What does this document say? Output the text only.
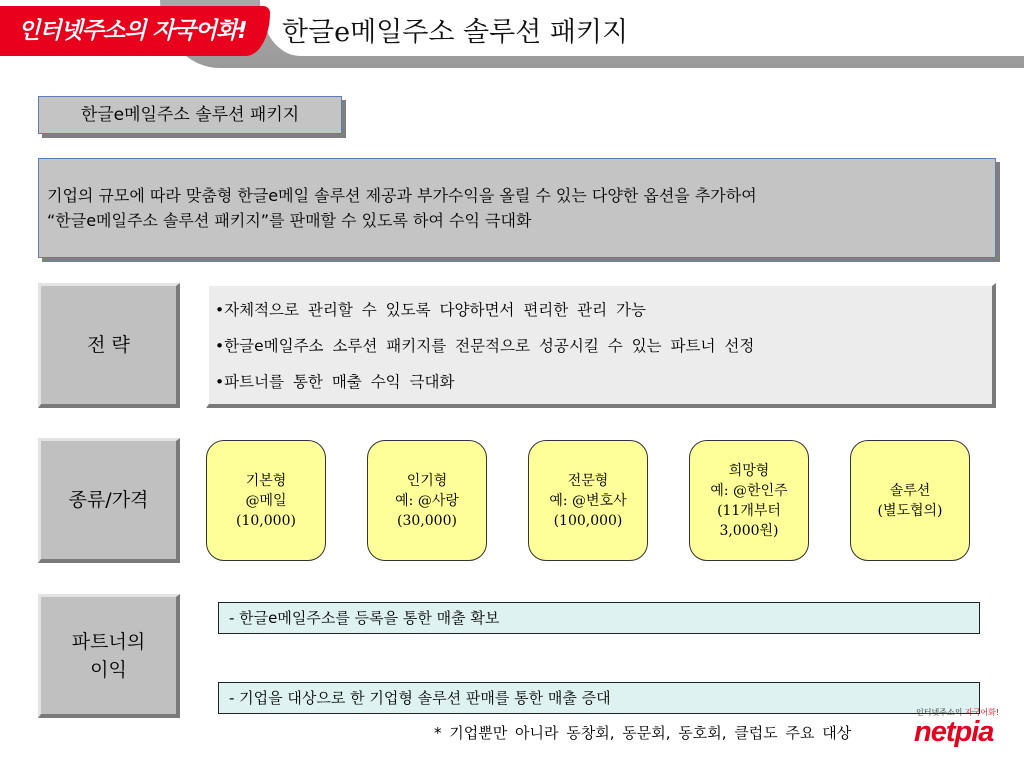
인터넷주소의 자국어화!	한글e메일주소 솔루션 패키지
한글e메일주소 솔루션 패키지
기업의 규모에 따라 맞춤형 한글e메일 솔루션 제공과 부가수익을 올릴 수 있는 다양한 옵션을 추가하여
“한글e메일주소 솔루션 패키지”를 판매할 수 있도록 하여 수익 극대화
전 략
•자체적으로 관리할 수 있도록 다양하면서 편리한 관리 가능
•한글e메일주소 소루션 패키지를 전문적으로 성공시킬 수 있는 파트너 선정
•파트너를 통한 매출 수익 극대화
종류/가격
기본형
@메일
(10,000)
인기형
예: @사랑
(30,000)
전문형
예: @변호사
(100,000)
희망형
예: @한인주
(11개부터
3,000원)
솔루션
(별도협의)
파트너의
이익
- 한글e메일주소를 등록을 통한 매출 확보
- 기업을 대상으로 한 기업형 솔루션 판매를 통한 매출 증대
* 기업뿐만 아니라 동창회, 동문회, 동호회, 클럽도 주요 대상
인터넷주소의 자국어화!
netpia
